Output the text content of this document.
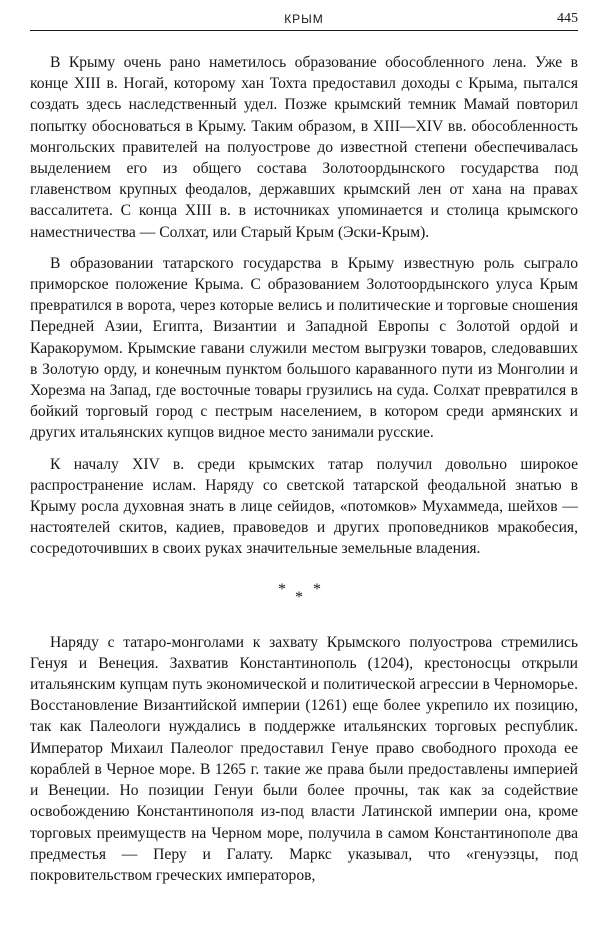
КРЫМ	445

В Крыму очень рано наметилось образование обособленного лена. Уже в конце XIII в. Ногай, которому хан Тохта предоставил доходы с Крыма, пытался создать здесь наследственный удел. Позже крымский темник Мамай повторил попытку обосноваться в Крыму. Таким образом, в XIII—XIV вв. обособленность монгольских правителей на полуострове до известной степени обеспечивалась выделением его из общего состава Золотоордынского государства под главенством крупных феодалов, державших крымский лен от хана на правах вассалитета. С конца XIII в. в источниках упоминается и столица крымского наместничества — Солхат, или Старый Крым (Эски-Крым).

В образовании татарского государства в Крыму известную роль сыграло приморское положение Крыма. С образованием Золотоордынского улуса Крым превратился в ворота, через которые велись и политические и торговые сношения Передней Азии, Египта, Византии и Западной Европы с Золотой ордой и Каракорумом. Крымские гавани служили местом выгрузки товаров, следовавших в Золотую орду, и конечным пунктом большого караванного пути из Монголии и Хорезма на Запад, где восточные товары грузились на суда. Солхат превратился в бойкий торговый город с пестрым населением, в котором среди армянских и других итальянских купцов видное место занимали русские.

К началу XIV в. среди крымских татар получил довольно широкое распространение ислам. Наряду со светской татарской феодальной знатью в Крыму росла духовная знать в лице сейидов, «потомков» Мухаммеда, шейхов — настоятелей скитов, кадиев, правоведов и других проповедников мракобесия, сосредоточивших в своих руках значительные земельные владения.

* * *

Наряду с татаро-монголами к захвату Крымского полуострова стремились Генуя и Венеция. Захватив Константинополь (1204), крестоносцы открыли итальянским купцам путь экономической и политической агрессии в Черноморье. Восстановление Византийской империи (1261) еще более укрепило их позицию, так как Палеологи нуждались в поддержке итальянских торговых республик. Император Михаил Палеолог предоставил Генуе право свободного прохода ее кораблей в Черное море. В 1265 г. такие же права были предоставлены империей и Венеции. Но позиции Генуи были более прочны, так как за содействие освобождению Константинополя из-под власти Латинской империи она, кроме торговых преимуществ на Черном море, получила в самом Константинополе два предместья — Перу и Галату. Маркс указывал, что «генуэзцы, под покровительством греческих императоров,
